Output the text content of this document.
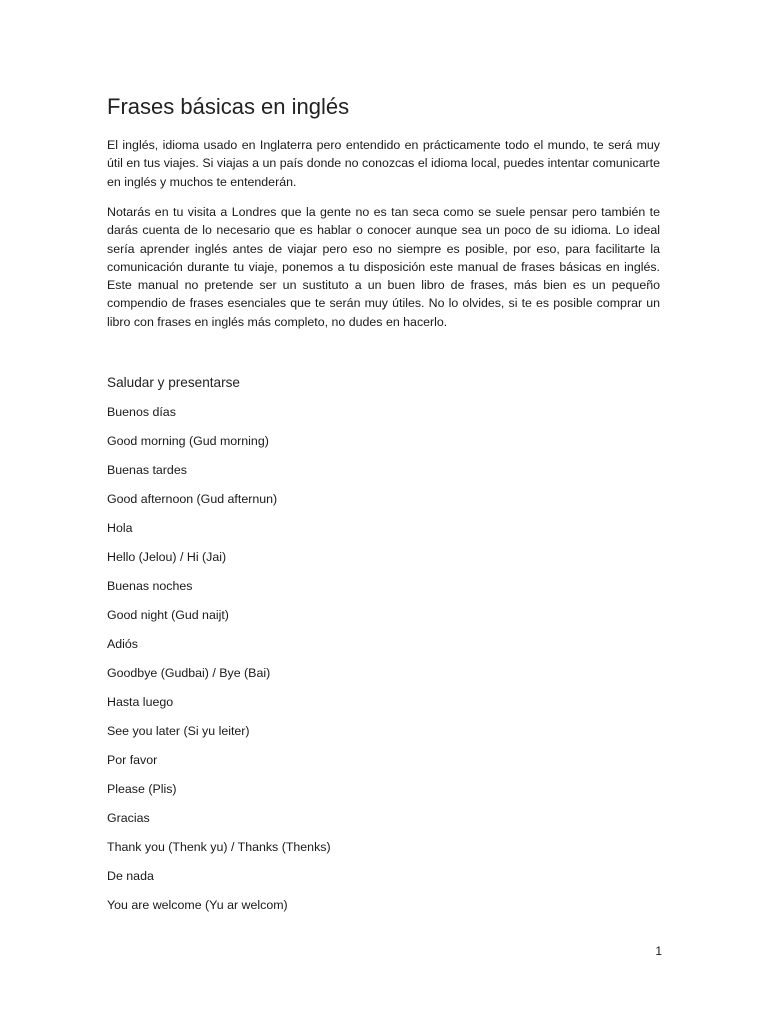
Frases básicas en inglés

El inglés, idioma usado en Inglaterra pero entendido en prácticamente todo el mundo, te será muy útil en tus viajes. Si viajas a un país donde no conozcas el idioma local, puedes intentar comunicarte en inglés y muchos te entenderán.

Notarás en tu visita a Londres que la gente no es tan seca como se suele pensar pero también te darás cuenta de lo necesario que es hablar o conocer aunque sea un poco de su idioma. Lo ideal sería aprender inglés antes de viajar pero eso no siempre es posible, por eso, para facilitarte la comunicación durante tu viaje, ponemos a tu disposición este manual de frases básicas en inglés. Este manual no pretende ser un sustituto a un buen libro de frases, más bien es un pequeño compendio de frases esenciales que te serán muy útiles. No lo olvides, si te es posible comprar un libro con frases en inglés más completo, no dudes en hacerlo.

Saludar y presentarse
Buenos días
Good morning (Gud morning)
Buenas tardes
Good afternoon (Gud afternun)
Hola
Hello (Jelou) / Hi (Jai)
Buenas noches
Good night (Gud naijt)
Adiós
Goodbye (Gudbai) / Bye (Bai)
Hasta luego
See you later (Si yu leiter)
Por favor
Please (Plis)
Gracias
Thank you (Thenk yu) / Thanks (Thenks)
De nada
You are welcome (Yu ar welcom)
1
